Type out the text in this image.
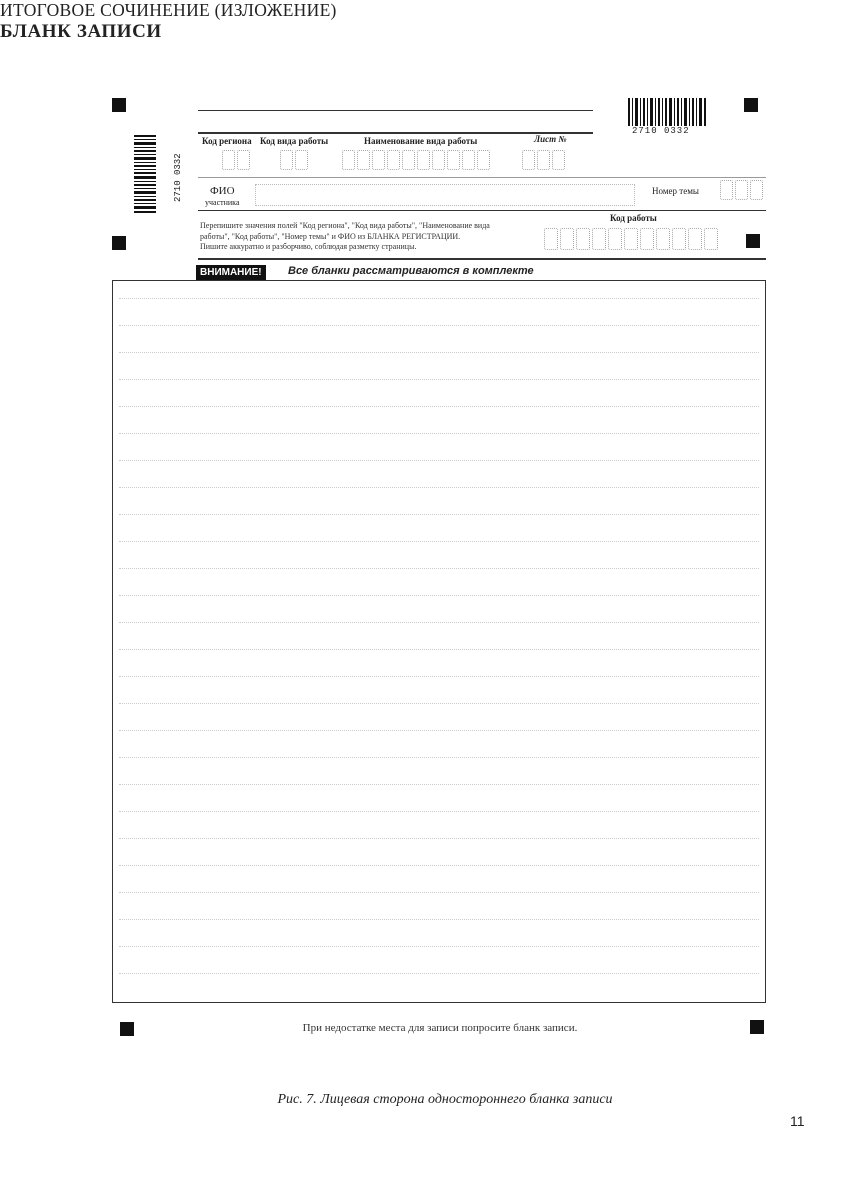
2710 0332
2710 0332
ИТОГОВОЕ СОЧИНЕНИЕ (ИЗЛОЖЕНИЕ)
БЛАНК ЗАПИСИ
Код региона Код вида работы	Наименование вида работы	Лист №
ФИО
участника
Номер темы
Перепишите значения полей "Код региона", "Код вида работы", "Наименование вида
работы", "Код работы", "Номер темы" и ФИО из БЛАНКА РЕГИСТРАЦИИ.
Пишите аккуратно и разборчиво, соблюдая разметку страницы.
Код работы
ВНИМАНИЕ!	Все бланки рассматриваются в комплекте
При недостатке места для записи попросите бланк записи.
Рис. 7. Лицевая сторона одностороннего бланка записи
11
